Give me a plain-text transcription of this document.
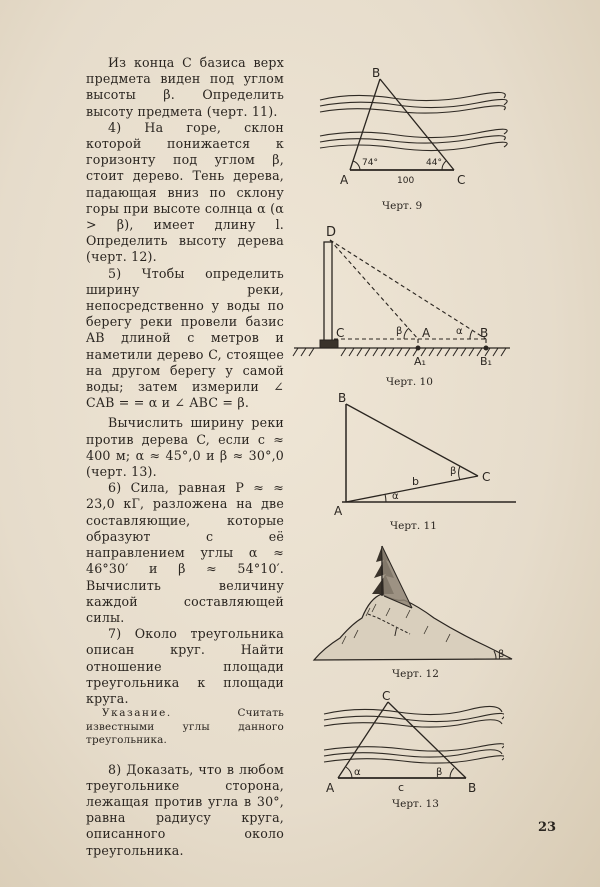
Из конца C базиса верх предмета виден под углом высоты β. Определить высоту предмета (черт. 11).

4) На горе, склон которой понижается к горизонту под углом β, стоит дерево. Тень дерева, падающая вниз по склону горы при высоте солнца α (α > β), имеет длину l. Определить высоту дерева (черт. 12).

5) Чтобы определить ширину реки, непосредственно у воды по берегу реки провели базис AB длиной c метров и наметили дерево C, стоящее на другом берегу у самой воды; затем измерили ∠ CAB = = α и ∠ ABC = β.

Вычислить ширину реки против дерева C, если c ≈ 400 м; α ≈ 45°,0 и β ≈ 30°,0 (черт. 13).

6) Сила, равная P ≈ ≈ 23,0 кГ, разложена на две составляющие, которые образуют с её направлением углы α ≈ 46°30′ и β ≈ 54°10′. Вычислить величину каждой составляющей силы.

7) Около треугольника описан круг. Найти отношение площади треугольника к площади круга.

Указание. Считать известными углы данного треугольника.

8) Доказать, что в любом треугольнике сторона, лежащая против угла в 30°, равна радиусу круга, описанного около треугольника.

B
A	C
100
74°	44°
Черт. 9
D
C	A	B
A₁	B₁
β	α
Черт. 10
B
A
C
b
β
α
Черт. 11
l
β
Черт. 12
C
A	B
c
α	β
Черт. 13
23
